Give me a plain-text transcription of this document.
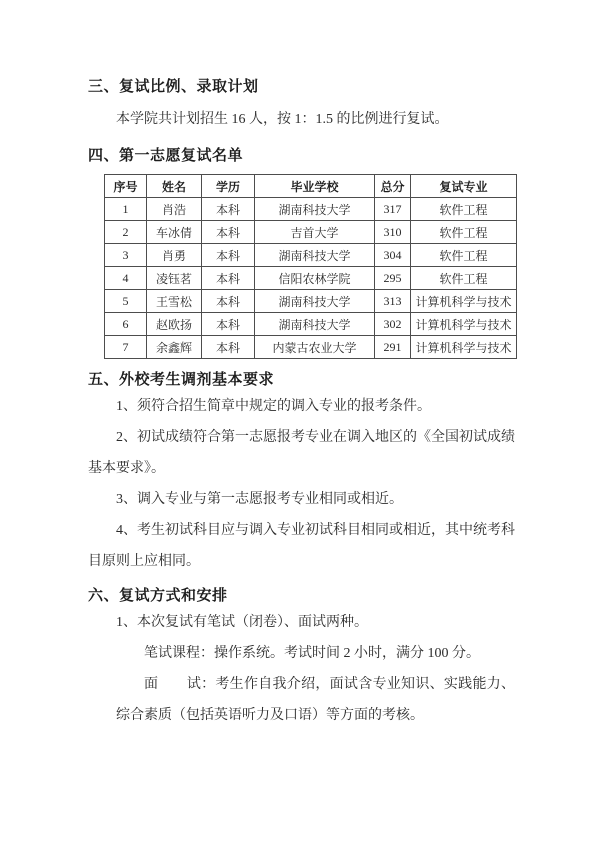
三、复试比例、录取计划

本学院共计划招生 16 人，按 1：1.5 的比例进行复试。

四、第一志愿复试名单
序号	姓名	学历	毕业学校	总分	复试专业
1	肖浩	本科	湖南科技大学	317	软件工程
2	车冰倩	本科	吉首大学	310	软件工程
3	肖勇	本科	湖南科技大学	304	软件工程
4	凌钰茗	本科	信阳农林学院	295	软件工程
5	王雪松	本科	湖南科技大学	313	计算机科学与技术
6	赵欧扬	本科	湖南科技大学	302	计算机科学与技术
7	余鑫辉	本科	内蒙古农业大学	291	计算机科学与技术
五、外校考生调剂基本要求

1、须符合招生简章中规定的调入专业的报考条件。

2、初试成绩符合第一志愿报考专业在调入地区的《全国初试成绩基本要求》。

3、调入专业与第一志愿报考专业相同或相近。

4、考生初试科目应与调入专业初试科目相同或相近，其中统考科目原则上应相同。

六、复试方式和安排

1、本次复试有笔试（闭卷）、面试两种。

笔试课程：操作系统。考试时间 2 小时，满分 100 分。

面　　试：考生作自我介绍，面试含专业知识、实践能力、综合素质（包括英语听力及口语）等方面的考核。
